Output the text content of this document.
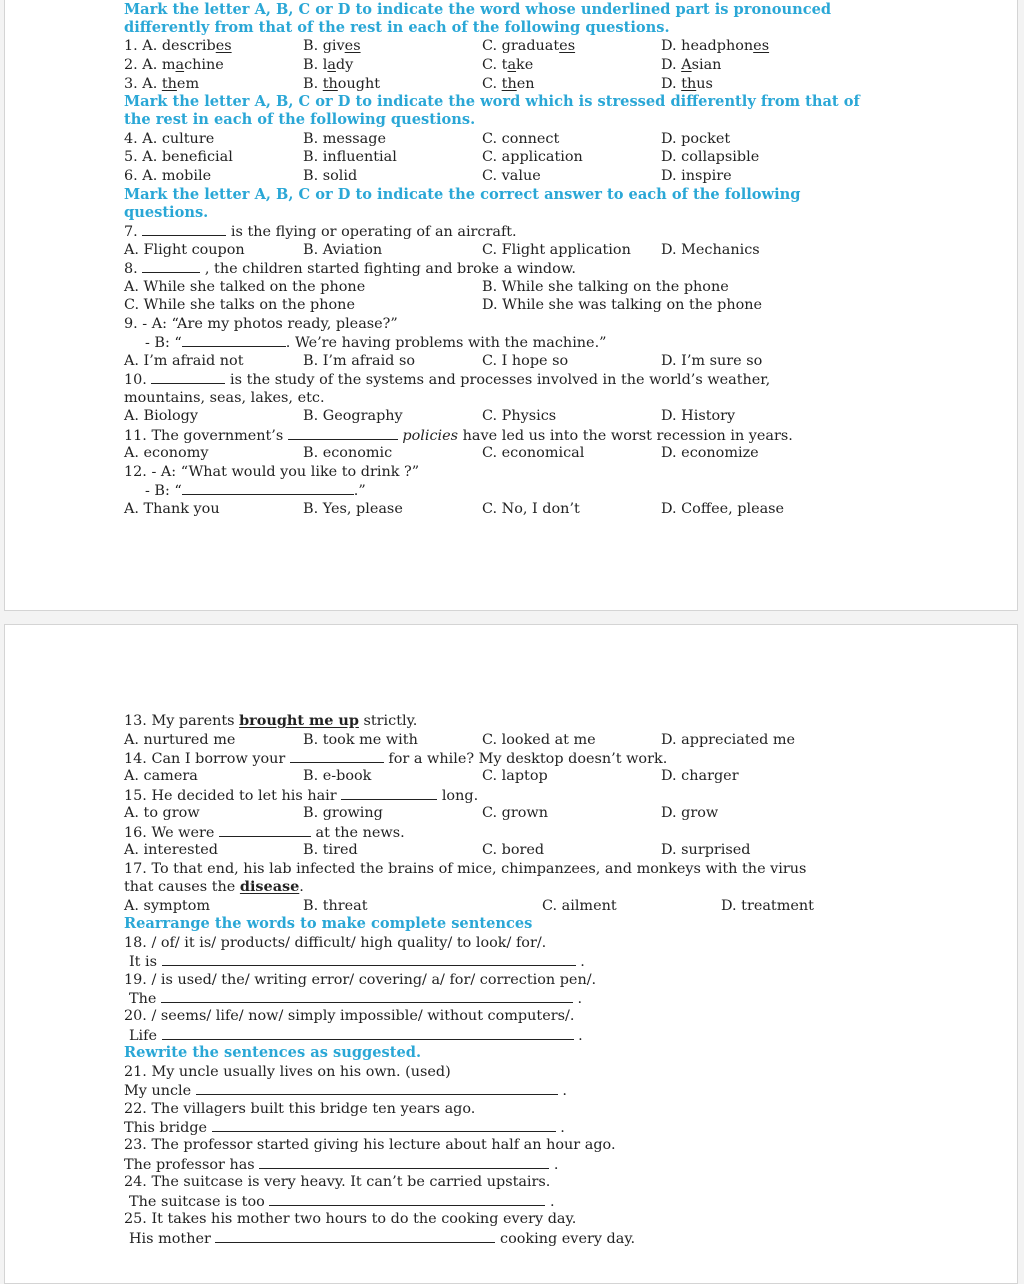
Mark the letter A, B, C or D to indicate the word whose underlined part is pronounced
differently from that of the rest in each of the following questions.
1. A. describes	B. gives	C. graduates	D. headphones
2. A. machine	B. lady	C. take	D. Asian
3. A. them	B. thought	C. then	D. thus
Mark the letter A, B, C or D to indicate the word which is stressed differently from that of
the rest in each of the following questions.
4. A. culture	B. message	C. connect	D. pocket
5. A. beneficial	B. influential	C. application	D. collapsible
6. A. mobile	B. solid	C. value	D. inspire
Mark the letter A, B, C or D to indicate the correct answer to each of the following
questions.
7.	is the flying or operating of an aircraft.
A. Flight coupon	B. Aviation	C. Flight application D. Mechanics
8.	, the children started fighting and broke a window.
A. While she talked on the phone	B. While she talking on the phone
C. While she talks on the phone	D. While she was talking on the phone
9. - A: “Are my photos ready, please?”
- B: “	. We’re having problems with the machine.”
A. I’m afraid not	B. I’m afraid so	C. I hope so	D. I’m sure so
10.	is the study of the systems and processes involved in the world’s weather,
mountains, seas, lakes, etc.
A. Biology	B. Geography	C. Physics	D. History
11. The government’s	policies have led us into the worst recession in years.
A. economy	B. economic	C. economical	D. economize
12. - A: “What would you like to drink ?”
- B: “	.”
A. Thank you	B. Yes, please	C. No, I don’t	D. Coffee, please
13. My parents brought me up strictly.
A. nurtured me	B. took me with	C. looked at me	D. appreciated me
14. Can I borrow your	for a while? My desktop doesn’t work.
A. camera	B. e-book	C. laptop	D. charger
15. He decided to let his hair	long.
A. to grow	B. growing	C. grown	D. grow
16. We were	at the news.
A. interested	B. tired	C. bored	D. surprised
17. To that end, his lab infected the brains of mice, chimpanzees, and monkeys with the virus
that causes the disease.
A. symptom	B. threat	C. ailment	D. treatment
Rearrange the words to make complete sentences
18. / of/ it is/ products/ difficult/ high quality/ to look/ for/.
It is	.
19. / is used/ the/ writing error/ covering/ a/ for/ correction pen/.
The	.
20. / seems/ life/ now/ simply impossible/ without computers/.
Life	.
Rewrite the sentences as suggested.
21. My uncle usually lives on his own. (used)
My uncle	.
22. The villagers built this bridge ten years ago.
This bridge	.
23. The professor started giving his lecture about half an hour ago.
The professor has	.
24. The suitcase is very heavy. It can’t be carried upstairs.
The suitcase is too	.
25. It takes his mother two hours to do the cooking every day.
His mother	cooking every day.
